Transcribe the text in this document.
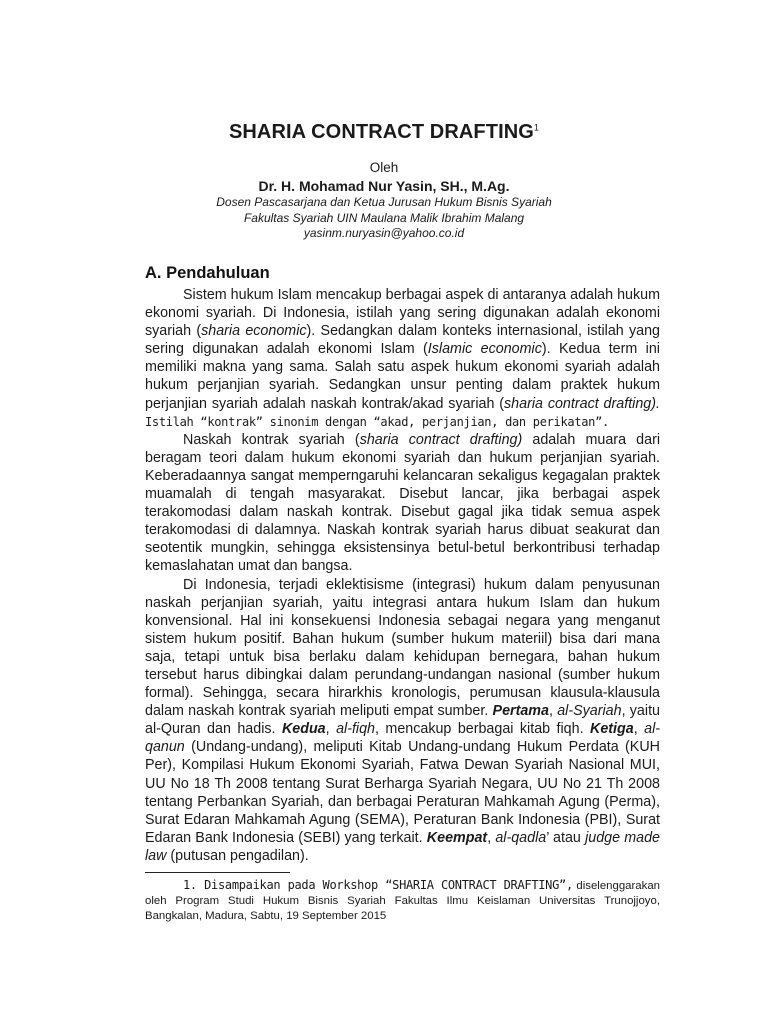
SHARIA CONTRACT DRAFTING$^1$
Oleh
Dr. H. Mohamad Nur Yasin, SH., M.Ag.
Dosen Pascasarjana dan Ketua Jurusan Hukum Bisnis Syariah
Fakultas Syariah UIN Maulana Malik Ibrahim Malang
yasinm.nuryasin@yahoo.co.id
A. Pendahuluan

Sistem hukum Islam mencakup berbagai aspek di antaranya adalah hukum ekonomi syariah. Di Indonesia, istilah yang sering digunakan adalah ekonomi syariah (sharia economic). Sedangkan dalam konteks internasional, istilah yang sering digunakan adalah ekonomi Islam (Islamic economic). Kedua term ini memiliki makna yang sama. Salah satu aspek hukum ekonomi syariah adalah hukum perjanjian syariah. Sedangkan unsur penting dalam praktek hukum perjanjian syariah adalah naskah kontrak/akad syariah (sharia contract drafting). Istilah “kontrak” sinonim dengan “akad, perjanjian, dan perikatan”.

Naskah kontrak syariah (sharia contract drafting) adalah muara dari beragam teori dalam hukum ekonomi syariah dan hukum perjanjian syariah. Keberadaannya sangat memperngaruhi kelancaran sekaligus kegagalan praktek muamalah di tengah masyarakat. Disebut lancar, jika berbagai aspek terakomodasi dalam naskah kontrak. Disebut gagal jika tidak semua aspek terakomodasi di dalamnya. Naskah kontrak syariah harus dibuat seakurat dan seotentik mungkin, sehingga eksistensinya betul-betul berkontribusi terhadap kemaslahatan umat dan bangsa.

Di Indonesia, terjadi eklektisisme (integrasi) hukum dalam penyusunan naskah perjanjian syariah, yaitu integrasi antara hukum Islam dan hukum konvensional. Hal ini konsekuensi Indonesia sebagai negara yang menganut sistem hukum positif. Bahan hukum (sumber hukum materiil) bisa dari mana saja, tetapi untuk bisa berlaku dalam kehidupan bernegara, bahan hukum tersebut harus dibingkai dalam perundang-undangan nasional (sumber hukum formal). Sehingga, secara hirarkhis kronologis, perumusan klausula-klausula dalam naskah kontrak syariah meliputi empat sumber. Pertama, al-Syariah, yaitu al-Quran dan hadis. Kedua, al-fiqh, mencakup berbagai kitab fiqh. Ketiga, al-qanun (Undang-undang), meliputi Kitab Undang-undang Hukum Perdata (KUH Per), Kompilasi Hukum Ekonomi Syariah, Fatwa Dewan Syariah Nasional MUI, UU No 18 Th 2008 tentang Surat Berharga Syariah Negara, UU No 21 Th 2008 tentang Perbankan Syariah, dan berbagai Peraturan Mahkamah Agung (Perma), Surat Edaran Mahkamah Agung (SEMA), Peraturan Bank Indonesia (PBI), Surat Edaran Bank Indonesia (SEBI) yang terkait. Keempat, al-qadla’ atau judge made law (putusan pengadilan).

1. Disampaikan pada Workshop “SHARIA CONTRACT DRAFTING”, diselenggarakan oleh Program Studi Hukum Bisnis Syariah Fakultas Ilmu Keislaman Universitas Trunojjoyo, Bangkalan, Madura, Sabtu, 19 September 2015
